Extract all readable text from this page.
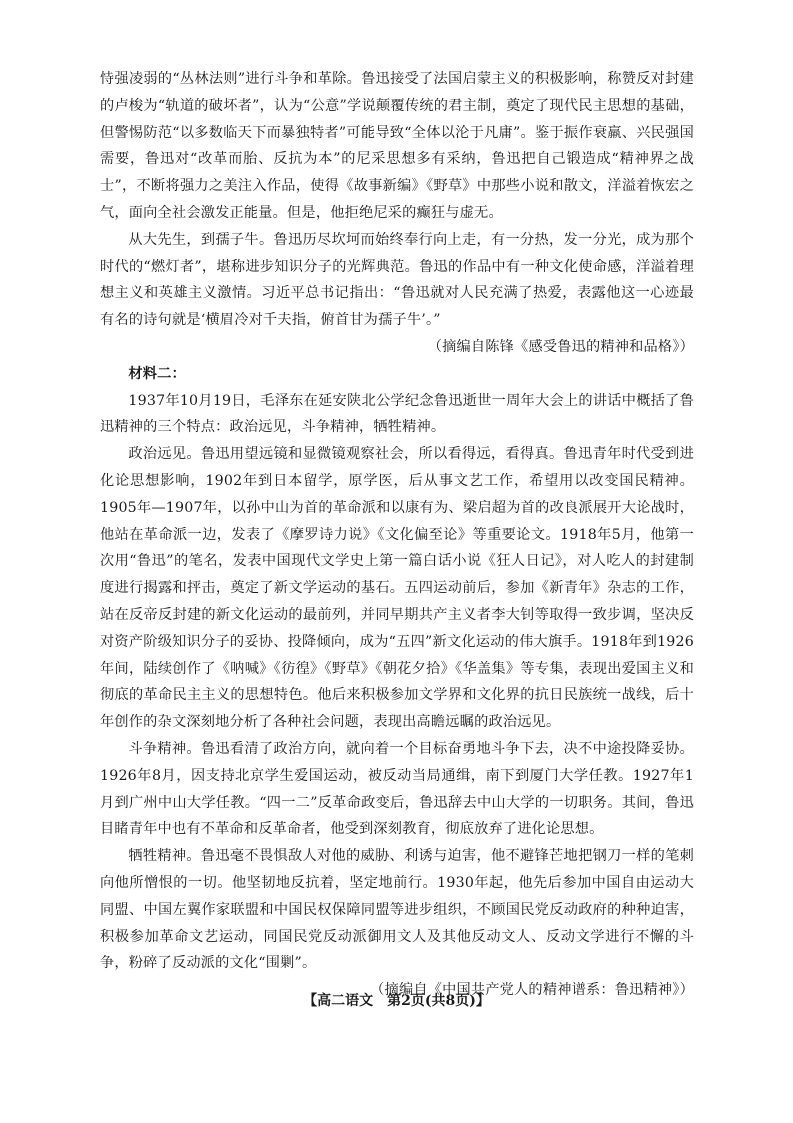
恃强凌弱的“丛林法则”进行斗争和革除。鲁迅接受了法国启蒙主义的积极影响，称赞反对封建的卢梭为“轨道的破坏者”，认为“公意”学说颠覆传统的君主制，奠定了现代民主思想的基础，但警惕防范“以多数临天下而暴独特者”可能导致“全体以沦于凡庸”。鉴于振作衰羸、兴民强国需要，鲁迅对“改革而胎、反抗为本”的尼采思想多有采纳，鲁迅把自己锻造成“精神界之战士”，不断将强力之美注入作品，使得《故事新编》《野草》中那些小说和散文，洋溢着恢宏之气，面向全社会激发正能量。但是，他拒绝尼采的癫狂与虚无。

从大先生，到孺子牛。鲁迅历尽坎坷而始终奉行向上走，有一分热，发一分光，成为那个时代的“燃灯者”，堪称进步知识分子的光辉典范。鲁迅的作品中有一种文化使命感，洋溢着理想主义和英雄主义激情。习近平总书记指出：“鲁迅就对人民充满了热爱，表露他这一心迹最有名的诗句就是‘横眉冷对千夫指，俯首甘为孺子牛’。”

（摘编自陈锋《感受鲁迅的精神和品格》）

材料二：

1937年10月19日，毛泽东在延安陕北公学纪念鲁迅逝世一周年大会上的讲话中概括了鲁迅精神的三个特点：政治远见，斗争精神，牺牲精神。

政治远见。鲁迅用望远镜和显微镜观察社会，所以看得远，看得真。鲁迅青年时代受到进化论思想影响，1902年到日本留学，原学医，后从事文艺工作，希望用以改变国民精神。1905年—1907年，以孙中山为首的革命派和以康有为、梁启超为首的改良派展开大论战时，他站在革命派一边，发表了《摩罗诗力说》《文化偏至论》等重要论文。1918年5月，他第一次用“鲁迅”的笔名，发表中国现代文学史上第一篇白话小说《狂人日记》，对人吃人的封建制度进行揭露和抨击，奠定了新文学运动的基石。五四运动前后，参加《新青年》杂志的工作，站在反帝反封建的新文化运动的最前列，并同早期共产主义者李大钊等取得一致步调，坚决反对资产阶级知识分子的妥协、投降倾向，成为“五四”新文化运动的伟大旗手。1918年到1926年间，陆续创作了《呐喊》《彷徨》《野草》《朝花夕拾》《华盖集》等专集，表现出爱国主义和彻底的革命民主主义的思想特色。他后来积极参加文学界和文化界的抗日民族统一战线，后十年创作的杂文深刻地分析了各种社会问题，表现出高瞻远瞩的政治远见。

斗争精神。鲁迅看清了政治方向，就向着一个目标奋勇地斗争下去，决不中途投降妥协。1926年8月，因支持北京学生爱国运动，被反动当局通缉，南下到厦门大学任教。1927年1月到广州中山大学任教。“四一二”反革命政变后，鲁迅辞去中山大学的一切职务。其间，鲁迅目睹青年中也有不革命和反革命者，他受到深刻教育，彻底放弃了进化论思想。

牺牲精神。鲁迅毫不畏惧敌人对他的威胁、利诱与迫害，他不避锋芒地把钢刀一样的笔刺向他所憎恨的一切。他坚韧地反抗着，坚定地前行。1930年起，他先后参加中国自由运动大同盟、中国左翼作家联盟和中国民权保障同盟等进步组织，不顾国民党反动政府的种种迫害，积极参加革命文艺运动，同国民党反动派御用文人及其他反动文人、反动文学进行不懈的斗争，粉碎了反动派的文化“围剿”。

（摘编自《中国共产党人的精神谱系：鲁迅精神》）

【高二语文　第2页(共8页)】
